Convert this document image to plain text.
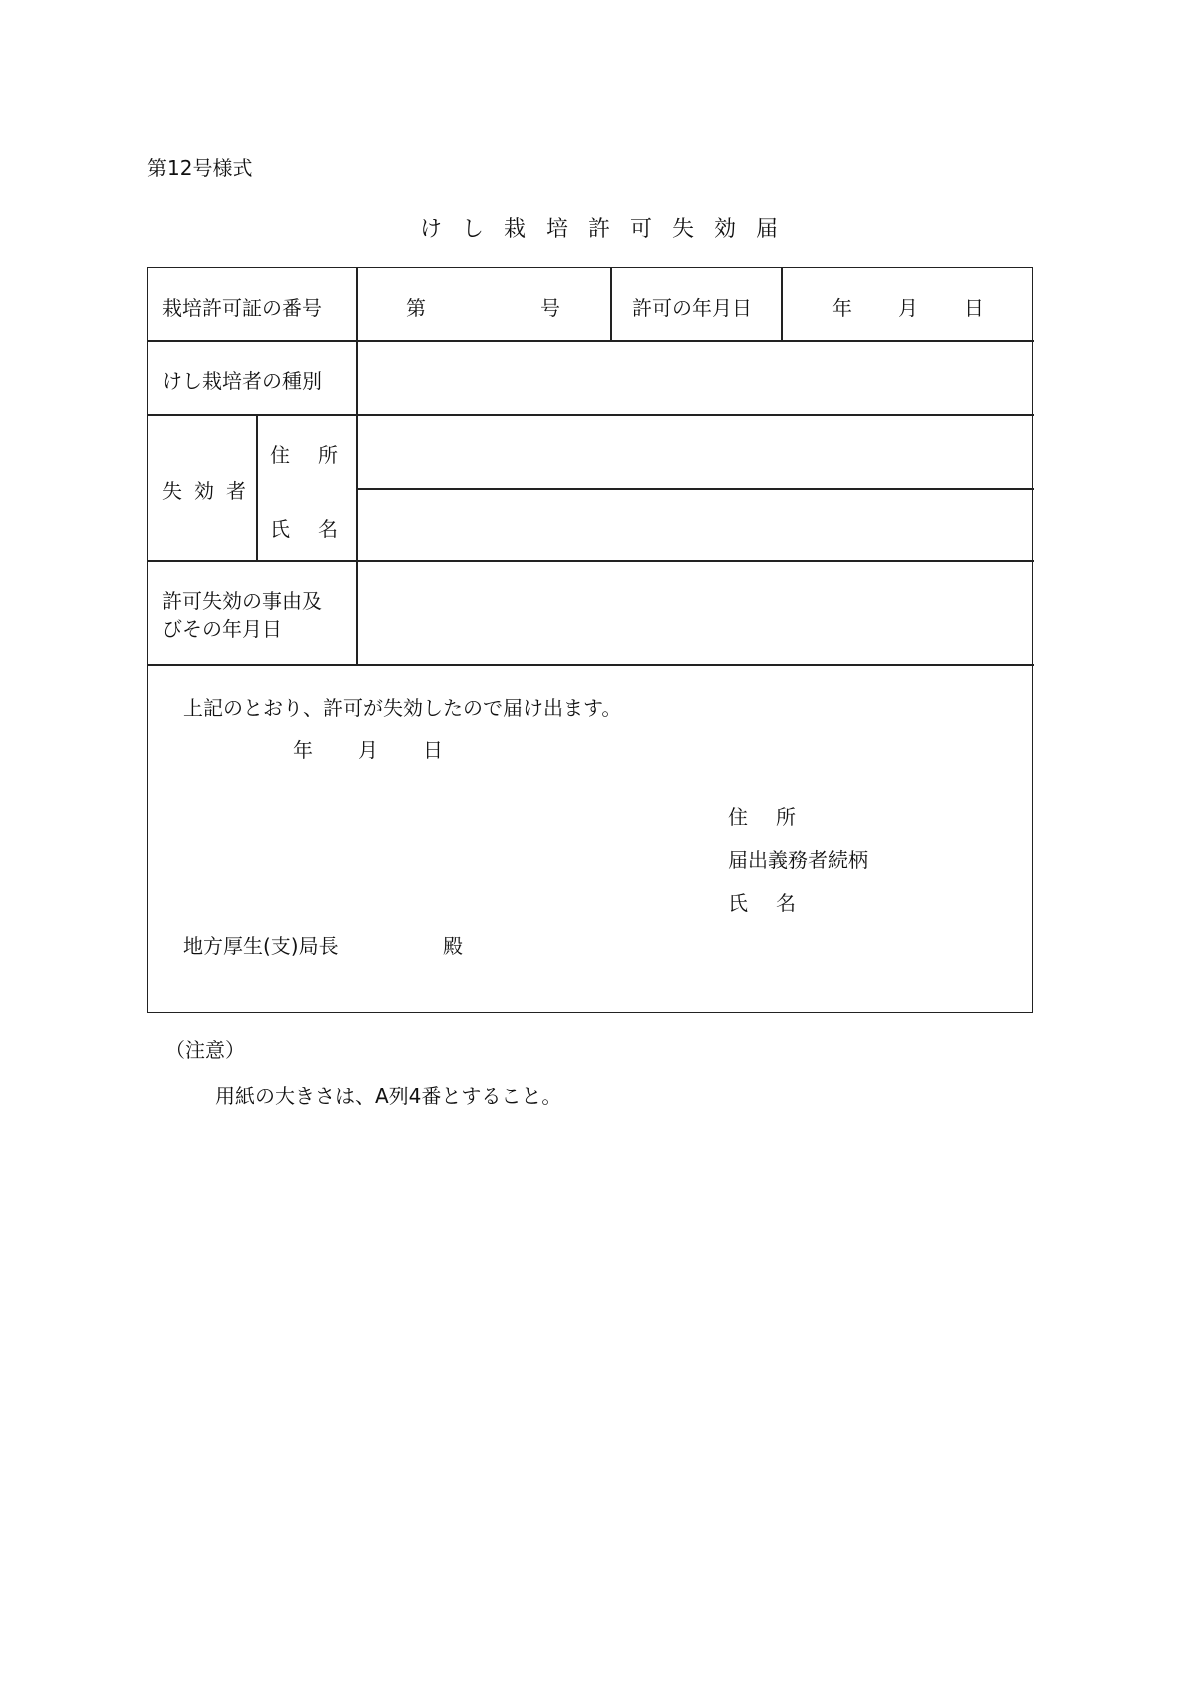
第12号様式
けし栽培許可失効届
栽培許可証の番号	第	号	許可の年月日	年 月 日
けし栽培者の種別
失効者
住所
氏名
許可失効の事由及
びその年月日
上記のとおり、許可が失効したので届け出ます。
年 月 日
住所
届出義務者続柄
氏名
地方厚生(支)局長	殿
（注意）
用紙の大きさは、A列4番とすること。
